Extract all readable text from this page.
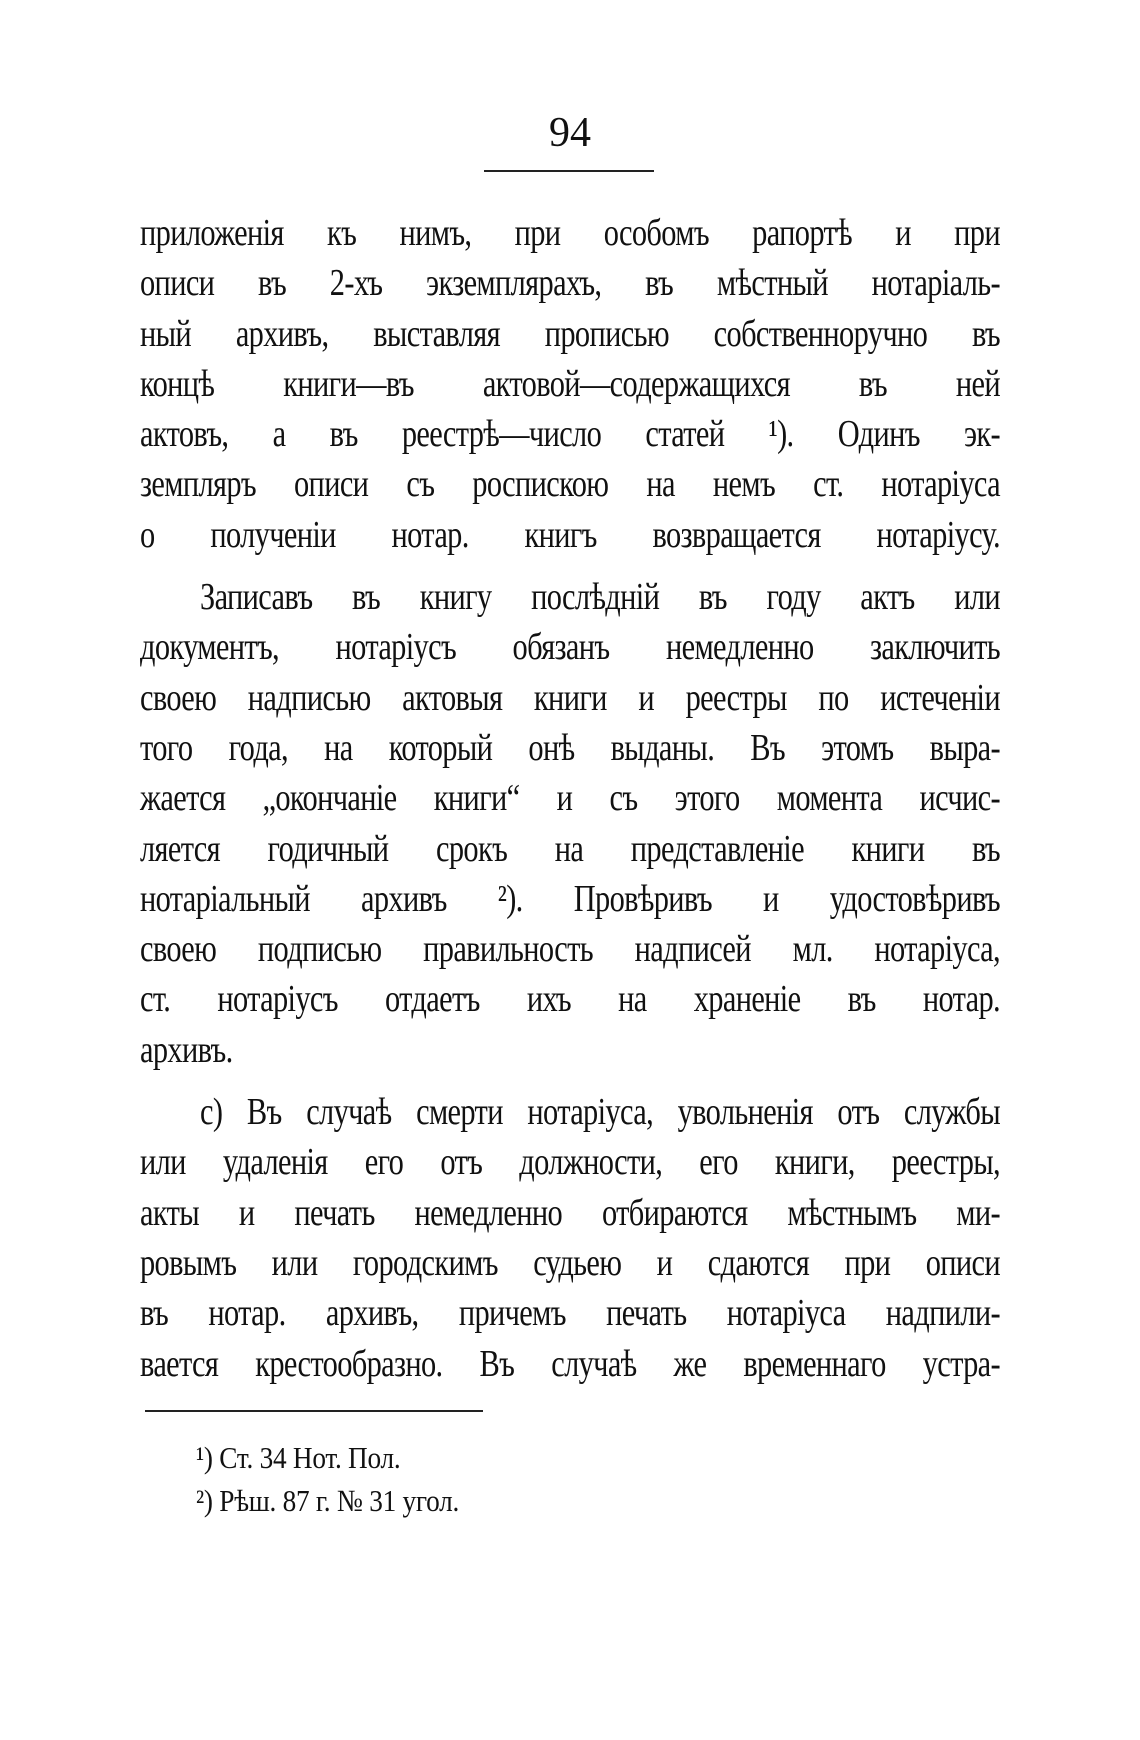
94
приложенія къ нимъ, при особомъ рапортѣ и при
описи въ 2-хъ экземплярахъ, въ мѣстный нотаріаль-
ный архивъ, выставляя прописью собственноручно въ
концѣ книги—въ актовой—содержащихся въ ней
актовъ, а въ реестрѣ—число статей ¹). Одинъ эк-
земпляръ описи съ роспискою на немъ ст. нотаріуса
о полученіи нотар. книгъ возвращается нотаріусу.
Записавъ въ книгу послѣдній въ году актъ или
документъ, нотаріусъ обязанъ немедленно заключить
своею надписью актовыя книги и реестры по истеченіи
того года, на который онѣ выданы. Въ этомъ выра-
жается „окончаніе книги“ и съ этого момента исчис-
ляется годичный срокъ на представленіе книги въ
нотаріальный архивъ ²). Провѣривъ и удостовѣривъ
своею подписью правильность надписей мл. нотаріуса,
ст. нотаріусъ отдаетъ ихъ на храненіе въ нотар.
архивъ.
c) Въ случаѣ смерти нотаріуса, увольненія отъ службы
или удаленія его отъ должности, его книги, реестры,
акты и печать немедленно отбираются мѣстнымъ ми-
ровымъ или городскимъ судьею и сдаются при описи
въ нотар. архивъ, причемъ печать нотаріуса надпили-
вается крестообразно. Въ случаѣ же временнаго устра-
¹) Ст. 34 Нот. Пол.
²) Рѣш. 87 г. № 31 угол.
